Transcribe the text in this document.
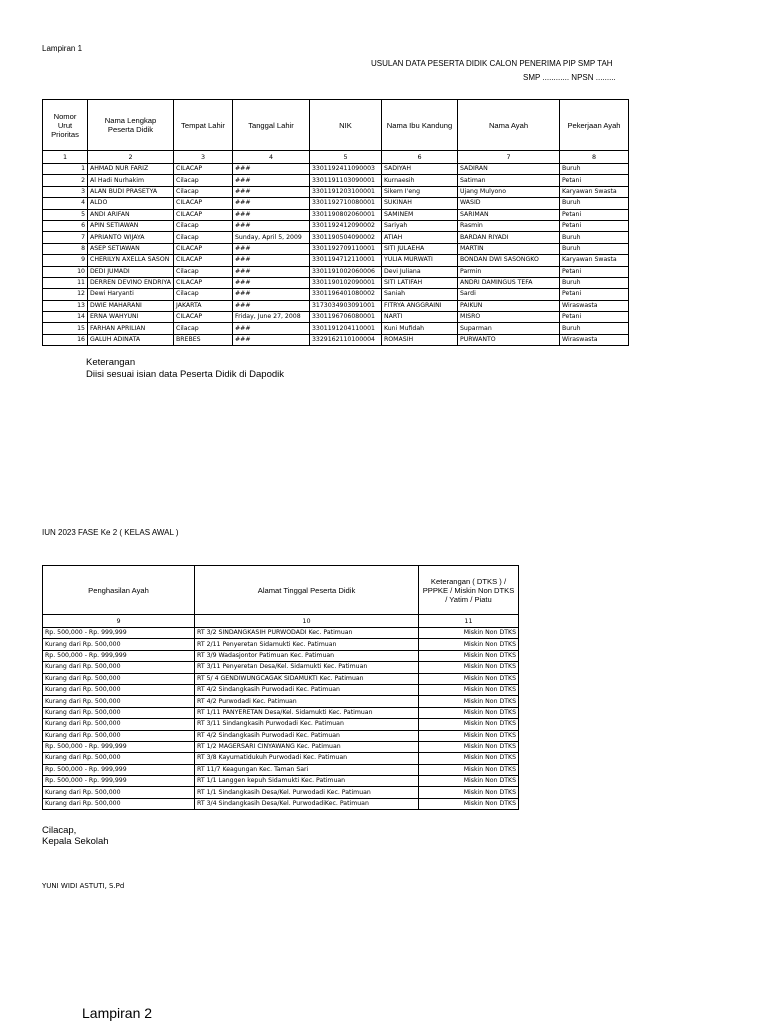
Lampiran 1
USULAN DATA PESERTA DIDIK CALON PENERIMA PIP SMP TAH
SMP ............ NPSN .........
Nomor Urut Prioritas	Nama Lengkap Peserta Didik	Tempat Lahir	Tanggal Lahir	NIK	Nama Ibu Kandung	Nama Ayah	Pekerjaan Ayah
1	2	3	4	5	6	7	8
1	AHMAD NUR FARIZ	CILACAP	###	3301192411090003	SADIYAH	SADIRAN	Buruh
2	Al Hadi Nurhakim	Cilacap	###	3301191103090001	Kurnaesih	Satiman	Petani
3	ALAN BUDI PRASETYA	Cilacap	###	3301191203100001	Sikem I'eng	Ujang Mulyono	Karyawan Swasta
4	ALDO	CILACAP	###	3301192710080001	SUKINAH	WASID	Buruh
5	ANDI ARIFAN	CILACAP	###	3301190802060001	SAMINEM	SARIMAN	Petani
6	APIN SETIAWAN	Cilacap	###	3301192412090002	Sariyah	Rasmin	Petani
7	APRIANTO WIJAYA	Cilacap	Sunday, April 5, 2009	3301190504090002	ATIAH	BARDAN RIYADI	Buruh
8	ASEP SETIAWAN	CILACAP	###	3301192709110001	SITI JULAEHA	MARTIN	Buruh
9	CHERILYN AXELLA SASON	CILACAP	###	3301194712110001	YULIA MURWATI	BONDAN DWI SASONGKO	Karyawan Swasta
10	DEDI JUMADI	Cilacap	###	3301191002060006	Devi Juliana	Parmin	Petani
11	DERREN DEVINO ENDRIYA	CILACAP	###	3301190102090001	SITI LATIFAH	ANDRI DAMINGUS TEFA	Buruh
12	Dewi Haryanti	Cilacap	###	3301196401080002	Saniah	Sardi	Petani
13	DWIE MAHARANI	JAKARTA	###	3173034903091001	FITRYA ANGGRAINI	PAIKUN	Wiraswasta
14	ERNA WAHYUNI	CILACAP	Friday, June 27, 2008	3301196706080001	NARTI	MISRO	Petani
15	FARHAN APRILIAN	Cilacap	###	3301191204110001	Kuni Mufidah	Suparman	Buruh
16	GALUH ADINATA	BREBES	###	3329162110100004	ROMASIH	PURWANTO	Wiraswasta
Keterangan
Diisi sesuai isian data Peserta Didik di Dapodik
IUN 2023 FASE Ke 2 ( KELAS AWAL )
Penghasilan Ayah	Alamat Tinggal Peserta Didik	Keterangan ( DTKS ) / PPPKE / Miskin Non DTKS / Yatim / Piatu
9	10	11
Rp. 500,000 - Rp. 999,999	RT 3/2 SINDANGKASIH PURWODADI Kec. Patimuan	Miskin Non DTKS
Kurang dari Rp. 500,000	RT 2/11 Penyeretan Sidamukti Kec. Patimuan	Miskin Non DTKS
Rp. 500,000 - Rp. 999,999	RT 3/9 Wadasjontor Patimuan Kec. Patimuan	Miskin Non DTKS
Kurang dari Rp. 500,000	RT 3/11 Penyeretan Desa/Kel. Sidamukti Kec. Patimuan	Miskin Non DTKS
Kurang dari Rp. 500,000	RT 5/ 4 GENDIWUNGCAGAK SIDAMUKTI Kec. Patimuan	Miskin Non DTKS
Kurang dari Rp. 500,000	RT 4/2 Sindangkasih Purwodadi Kec. Patimuan	Miskin Non DTKS
Kurang dari Rp. 500,000	RT 4/2 Purwodadi Kec. Patimuan	Miskin Non DTKS
Kurang dari Rp. 500,000	RT 1/11 PANYERETAN Desa/Kel. Sidamukti Kec. Patimuan	Miskin Non DTKS
Kurang dari Rp. 500,000	RT 3/11 Sindangkasih Purwodadi Kec. Patimuan	Miskin Non DTKS
Kurang dari Rp. 500,000	RT 4/2 Sindangkasih Purwodadi Kec. Patimuan	Miskin Non DTKS
Rp. 500,000 - Rp. 999,999	RT 1/2 MAGERSARI CINYAWANG Kec. Patimuan	Miskin Non DTKS
Kurang dari Rp. 500,000	RT 3/8 Kayumatidukuh Purwodadi Kec. Patimuan	Miskin Non DTKS
Rp. 500,000 - Rp. 999,999	RT 11/7 Keagungan Kec. Taman Sari	Miskin Non DTKS
Rp. 500,000 - Rp. 999,999	RT 1/1 Langgen kepuh Sidamukti Kec. Patimuan	Miskin Non DTKS
Kurang dari Rp. 500,000	RT 1/1 Sindangkasih Desa/Kel. Purwodadi Kec. Patimuan	Miskin Non DTKS
Kurang dari Rp. 500,000	RT 3/4 Sindangkasih Desa/Kel. PurwodadiKec. Patimuan	Miskin Non DTKS
Cilacap,
Kepala Sekolah
YUNI WIDI ASTUTI, S.Pd
Lampiran 2
